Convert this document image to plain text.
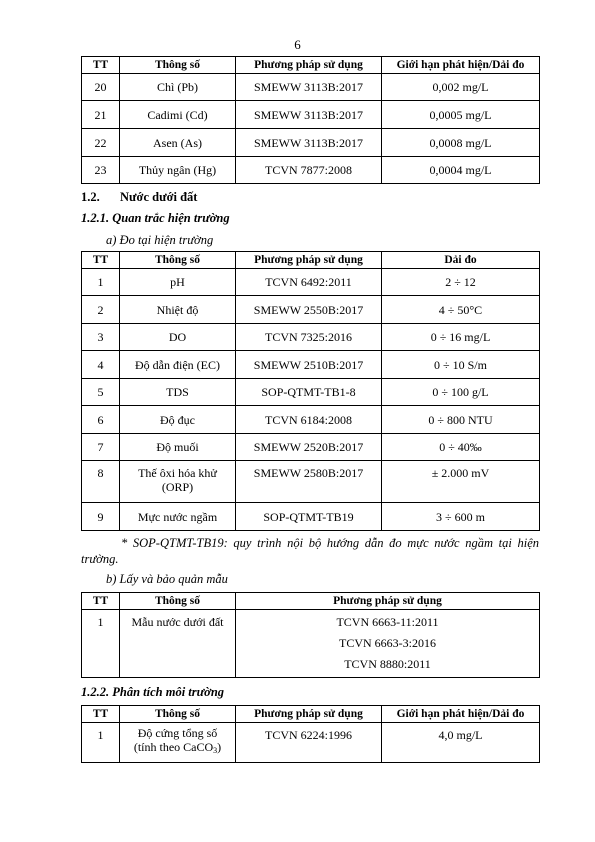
6
TT	Thông số	Phương pháp sử dụng	Giới hạn phát hiện/Dải đo
20	Chì (Pb)	SMEWW 3113B:2017	0,002 mg/L
21	Cadimi (Cd)	SMEWW 3113B:2017	0,0005 mg/L
22	Asen (As)	SMEWW 3113B:2017	0,0008 mg/L
23	Thủy ngân (Hg)	TCVN 7877:2008	0,0004 mg/L
1.2. Nước dưới đất
1.2.1. Quan trắc hiện trường
a) Đo tại hiện trường
TT	Thông số	Phương pháp sử dụng	Dải đo
1	pH	TCVN 6492:2011	2 ÷ 12
2	Nhiệt độ	SMEWW 2550B:2017	4 ÷ 50°C
3	DO	TCVN 7325:2016	0 ÷ 16 mg/L
4	Độ dẫn điện (EC)	SMEWW 2510B:2017	0 ÷ 10 S/m
5	TDS	SOP-QTMT-TB1-8	0 ÷ 100 g/L
6	Độ đục	TCVN 6184:2008	0 ÷ 800 NTU
7	Độ muối	SMEWW 2520B:2017	0 ÷ 40‰
8	Thế ôxi hóa khử (ORP)	SMEWW 2580B:2017	± 2.000 mV
9	Mực nước ngầm	SOP-QTMT-TB19	3 ÷ 600 m
* SOP-QTMT-TB19: quy trình nội bộ hướng dẫn đo mực nước ngầm tại hiện trường.
b) Lấy và bảo quản mẫu
TT	Thông số	Phương pháp sử dụng
1	Mẫu nước dưới đất	TCVN 6663-11:2011
TCVN 6663-3:2016
TCVN 8880:2011
1.2.2. Phân tích môi trường
TT	Thông số	Phương pháp sử dụng	Giới hạn phát hiện/Dải đo
1	Độ cứng tổng số
(tính theo CaCO$_3$)	TCVN 6224:1996	4,0 mg/L
